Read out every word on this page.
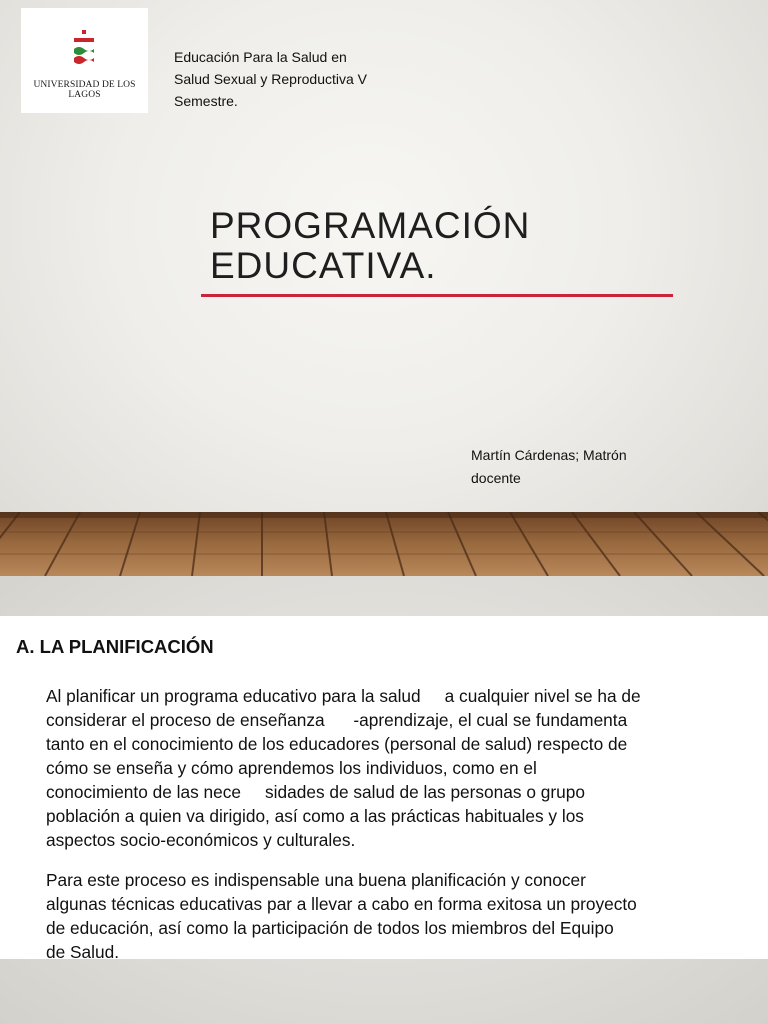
UNIVERSIDAD DE LOS LAGOS
Educación Para la Salud en
Salud Sexual y Reproductiva V
Semestre.
PROGRAMACIÓN
EDUCATIVA.
Martín Cárdenas; Matrón
docente
A. LA PLANIFICACIÓN
Al planificar un programa educativo para la salud     a cualquier nivel se ha de
considerar el proceso de enseñanza      -aprendizaje, el cual se fundamenta
tanto en el conocimiento de los educadores (personal de salud) respecto de
cómo se enseña y cómo aprendemos los individuos, como en el
conocimiento de las nece     sidades de salud de las personas o grupo
población a quien va dirigido, así como a las prácticas habituales y los
aspectos socio-económicos y culturales.
Para este proceso es indispensable una buena planificación y conocer
algunas técnicas educativas par a llevar a cabo en forma exitosa un proyecto
de educación, así como la participación de todos los miembros del Equipo
de Salud.
